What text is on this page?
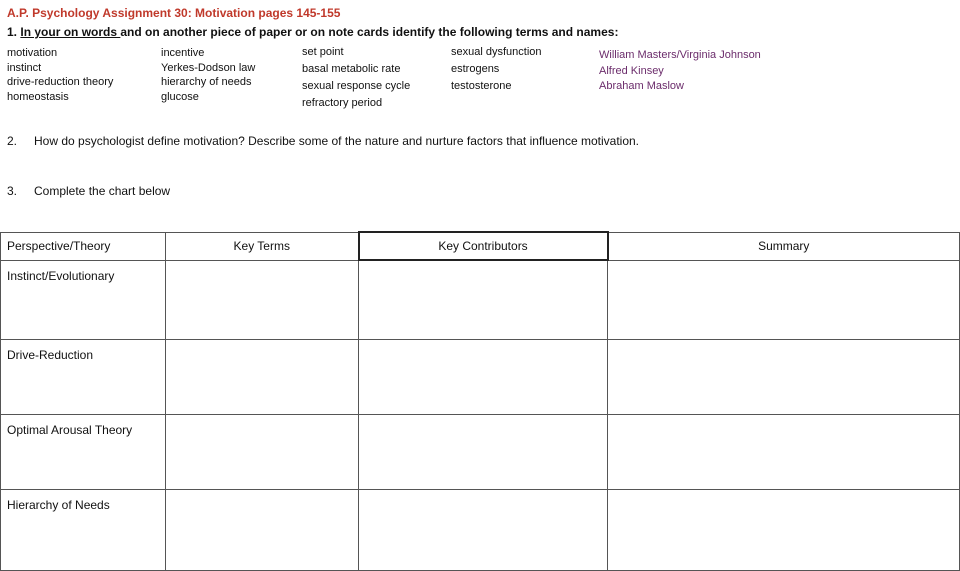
A.P. Psychology Assignment 30: Motivation pages 145-155
1. In your on words and on another piece of paper or on note cards identify the following terms and names:
motivation
instinct
drive-reduction theory
homeostasis
incentive
Yerkes-Dodson law
hierarchy of needs
glucose
set point
basal metabolic rate
sexual response cycle
refractory period
sexual dysfunction
estrogens
testosterone
William Masters/Virginia Johnson
Alfred Kinsey
Abraham Maslow
2. How do psychologist define motivation? Describe some of the nature and nurture factors that influence motivation.
3. Complete the chart below
Perspective/Theory	Key Terms	Key Contributors	Summary
Instinct/Evolutionary			
Drive-Reduction			
Optimal Arousal Theory			
Hierarchy of Needs			
